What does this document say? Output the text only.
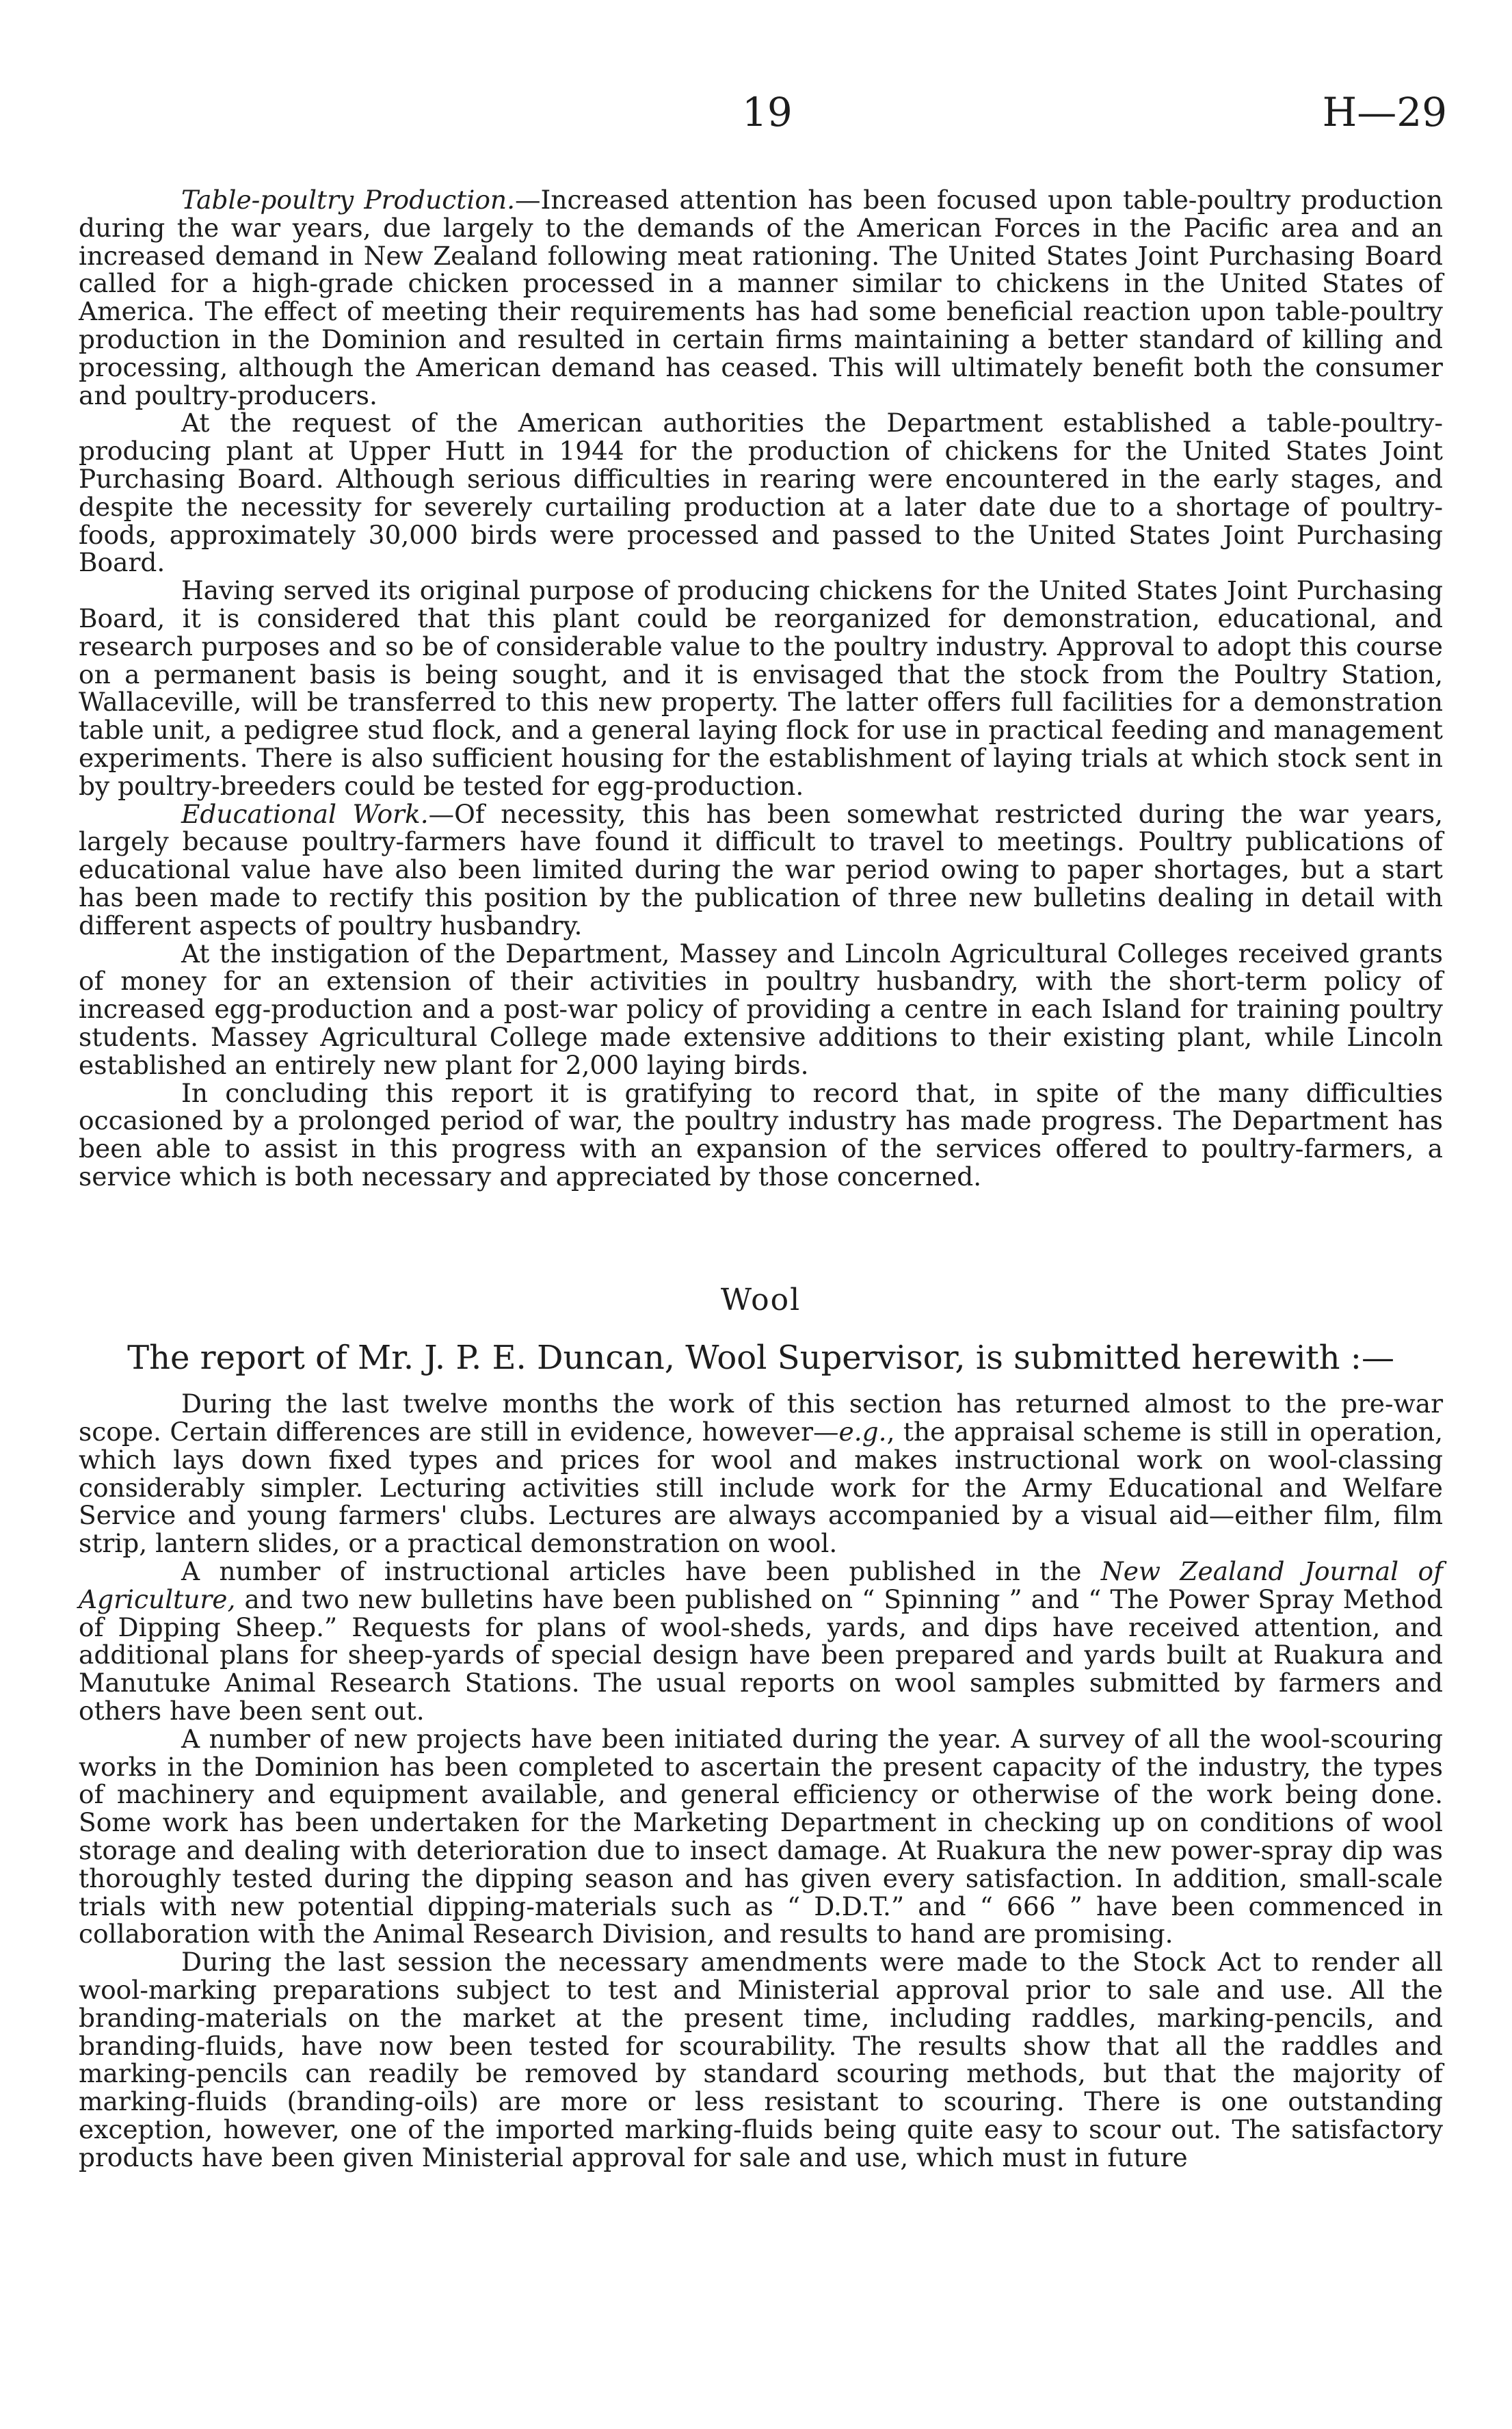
19	H—29

Table-poultry Production.—Increased attention has been focused upon table-poultry production during the war years, due largely to the demands of the American Forces in the Pacific area and an increased demand in New Zealand following meat rationing. The United States Joint Purchasing Board called for a high-grade chicken processed in a manner similar to chickens in the United States of America. The effect of meeting their requirements has had some beneficial reaction upon table-poultry production in the Dominion and resulted in certain firms maintaining a better standard of killing and processing, although the American demand has ceased. This will ultimately benefit both the consumer and poultry-producers.

At the request of the American authorities the Department established a table-poultry-producing plant at Upper Hutt in 1944 for the production of chickens for the United States Joint Purchasing Board. Although serious difficulties in rearing were encountered in the early stages, and despite the necessity for severely curtailing production at a later date due to a shortage of poultry-foods, approximately 30,000 birds were processed and passed to the United States Joint Purchasing Board.

Having served its original purpose of producing chickens for the United States Joint Purchasing Board, it is considered that this plant could be reorganized for demonstration, educational, and research purposes and so be of considerable value to the poultry industry. Approval to adopt this course on a permanent basis is being sought, and it is envisaged that the stock from the Poultry Station, Wallaceville, will be transferred to this new property. The latter offers full facilities for a demonstration table unit, a pedigree stud flock, and a general laying flock for use in practical feeding and management experiments. There is also sufficient housing for the establishment of laying trials at which stock sent in by poultry-breeders could be tested for egg-production.

Educational Work.—Of necessity, this has been somewhat restricted during the war years, largely because poultry-farmers have found it difficult to travel to meetings. Poultry publications of educational value have also been limited during the war period owing to paper shortages, but a start has been made to rectify this position by the publication of three new bulletins dealing in detail with different aspects of poultry husbandry.

At the instigation of the Department, Massey and Lincoln Agricultural Colleges received grants of money for an extension of their activities in poultry husbandry, with the short-term policy of increased egg-production and a post-war policy of providing a centre in each Island for training poultry students. Massey Agricultural College made extensive additions to their existing plant, while Lincoln established an entirely new plant for 2,000 laying birds.

In concluding this report it is gratifying to record that, in spite of the many difficulties occasioned by a prolonged period of war, the poultry industry has made progress. The Department has been able to assist in this progress with an expansion of the services offered to poultry-farmers, a service which is both necessary and appreciated by those concerned.

Wool
The report of Mr. J. P. E. Duncan, Wool Supervisor, is submitted herewith :—

During the last twelve months the work of this section has returned almost to the pre-war scope. Certain differences are still in evidence, however—e.g., the appraisal scheme is still in operation, which lays down fixed types and prices for wool and makes instructional work on wool-classing considerably simpler. Lecturing activities still include work for the Army Educational and Welfare Service and young farmers' clubs. Lectures are always accompanied by a visual aid—either film, film strip, lantern slides, or a practical demonstration on wool.

A number of instructional articles have been published in the New Zealand Journal of Agriculture, and two new bulletins have been published on “ Spinning ” and “ The Power Spray Method of Dipping Sheep.” Requests for plans of wool-sheds, yards, and dips have received attention, and additional plans for sheep-yards of special design have been prepared and yards built at Ruakura and Manutuke Animal Research Stations. The usual reports on wool samples submitted by farmers and others have been sent out.

A number of new projects have been initiated during the year. A survey of all the wool-scouring works in the Dominion has been completed to ascertain the present capacity of the industry, the types of machinery and equipment available, and general efficiency or otherwise of the work being done. Some work has been undertaken for the Marketing Department in checking up on conditions of wool storage and dealing with deterioration due to insect damage. At Ruakura the new power-spray dip was thoroughly tested during the dipping season and has given every satisfaction. In addition, small-scale trials with new potential dipping-materials such as “ D.D.T.” and “ 666 ” have been commenced in collaboration with the Animal Research Division, and results to hand are promising.

During the last session the necessary amendments were made to the Stock Act to render all wool-marking preparations subject to test and Ministerial approval prior to sale and use. All the branding-materials on the market at the present time, including raddles, marking-pencils, and branding-fluids, have now been tested for scourability. The results show that all the raddles and marking-pencils can readily be removed by standard scouring methods, but that the majority of marking-fluids (branding-oils) are more or less resistant to scouring. There is one outstanding exception, however, one of the imported marking-fluids being quite easy to scour out. The satisfactory products have been given Ministerial approval for sale and use, which must in future
